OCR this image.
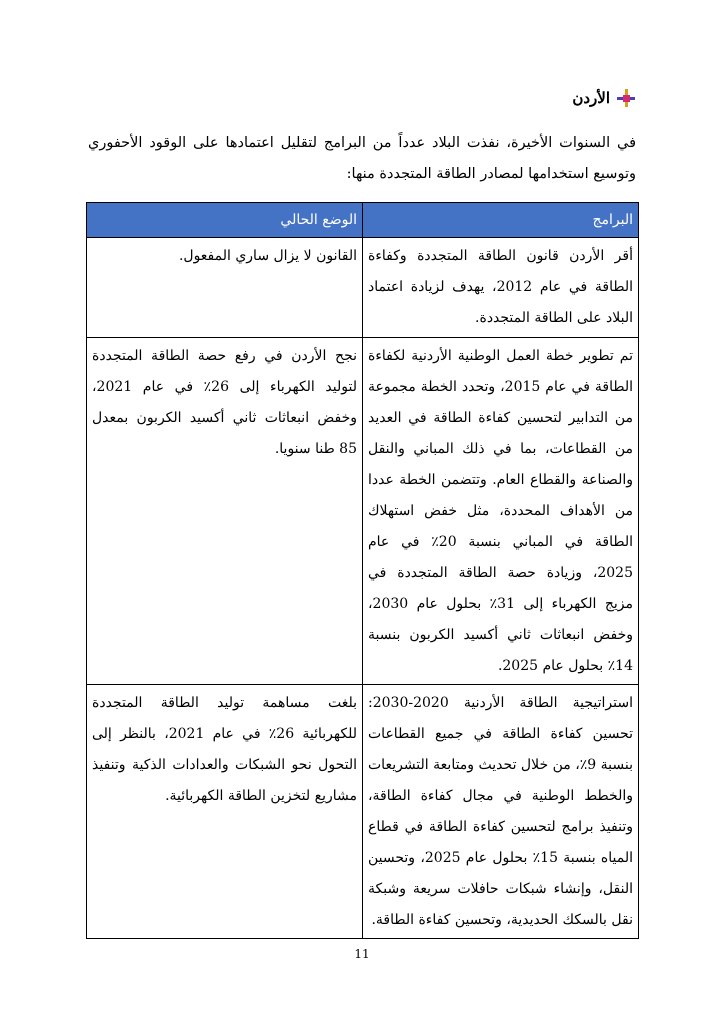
الأردن

في السنوات الأخيرة، نفذت البلاد عدداً من البرامج لتقليل اعتمادها على الوقود الأحفوري وتوسيع استخدامها لمصادر الطاقة المتجددة منها:

البرامج	الوضع الحالي
أقر الأردن قانون الطاقة المتجددة وكفاءة الطاقة في عام 2012، يهدف لزيادة اعتماد البلاد على الطاقة المتجددة.	القانون لا يزال ساري المفعول.
تم تطوير خطة العمل الوطنية الأردنية لكفاءة الطاقة في عام 2015، وتحدد الخطة مجموعة من التدابير لتحسين كفاءة الطاقة في العديد من القطاعات، بما في ذلك المباني والنقل والصناعة والقطاع العام. وتتضمن الخطة عددا من الأهداف المحددة، مثل خفض استهلاك الطاقة في المباني بنسبة 20٪ في عام 2025، وزيادة حصة الطاقة المتجددة في مزيج الكهرباء إلى 31٪ بحلول عام 2030، وخفض انبعاثات ثاني أكسيد الكربون بنسبة 14٪ بحلول عام 2025.	نجح الأردن في رفع حصة الطاقة المتجددة لتوليد الكهرباء إلى 26٪ في عام 2021، وخفض انبعاثات ثاني أكسيد الكربون بمعدل 85 طنا سنويا.
استراتيجية الطاقة الأردنية 2020-2030: تحسين كفاءة الطاقة في جميع القطاعات بنسبة 9٪، من خلال تحديث ومتابعة التشريعات والخطط الوطنية في مجال كفاءة الطاقة، وتنفيذ برامج لتحسين كفاءة الطاقة في قطاع المياه بنسبة 15٪ بحلول عام 2025، وتحسين النقل، وإنشاء شبكات حافلات سريعة وشبكة نقل بالسكك الحديدية، وتحسين كفاءة الطاقة.	بلغت مساهمة توليد الطاقة المتجددة للكهربائية 26٪ في عام 2021، بالنظر إلى التحول نحو الشبكات والعدادات الذكية وتنفيذ مشاريع لتخزين الطاقة الكهربائية.
11
